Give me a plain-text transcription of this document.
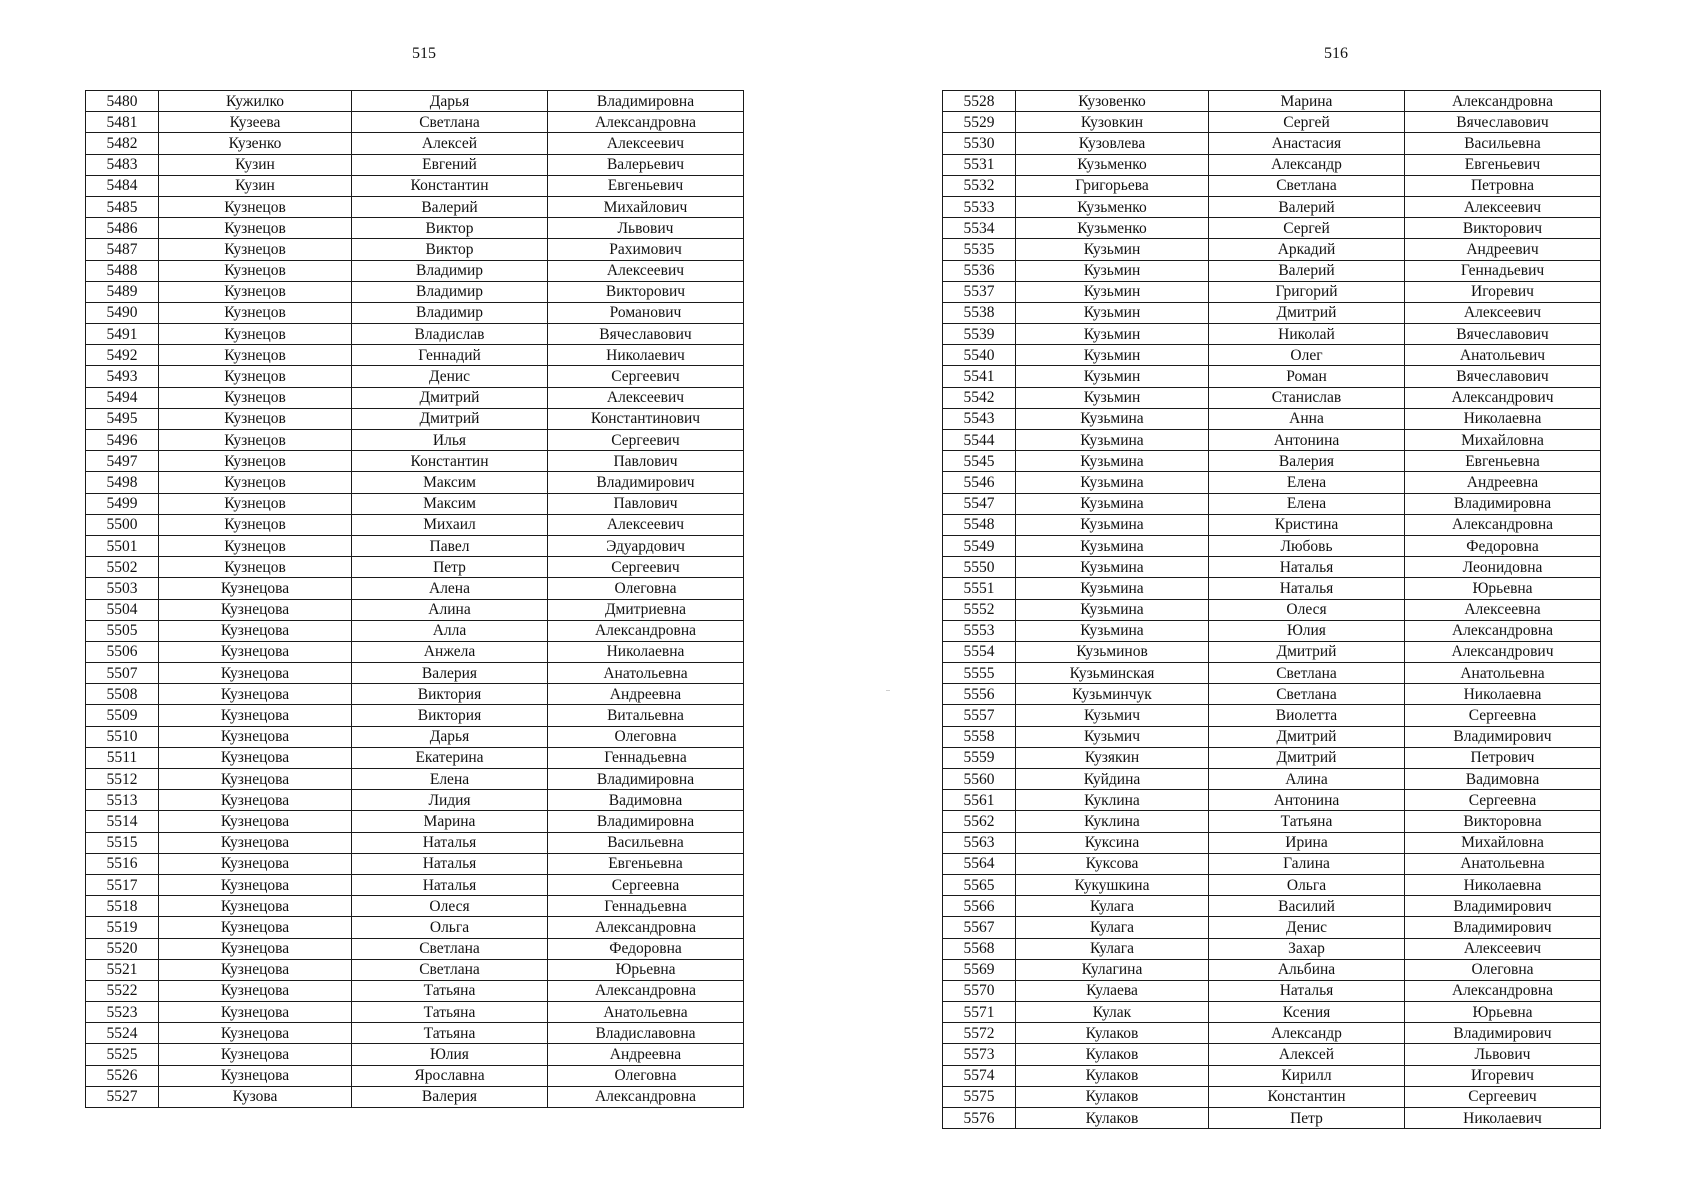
515
5480	Кужилко	Дарья	Владимировна
5481	Кузеева	Светлана	Александровна
5482	Кузенко	Алексей	Алексеевич
5483	Кузин	Евгений	Валерьевич
5484	Кузин	Константин	Евгеньевич
5485	Кузнецов	Валерий	Михайлович
5486	Кузнецов	Виктор	Львович
5487	Кузнецов	Виктор	Рахимович
5488	Кузнецов	Владимир	Алексеевич
5489	Кузнецов	Владимир	Викторович
5490	Кузнецов	Владимир	Романович
5491	Кузнецов	Владислав	Вячеславович
5492	Кузнецов	Геннадий	Николаевич
5493	Кузнецов	Денис	Сергеевич
5494	Кузнецов	Дмитрий	Алексеевич
5495	Кузнецов	Дмитрий	Константинович
5496	Кузнецов	Илья	Сергеевич
5497	Кузнецов	Константин	Павлович
5498	Кузнецов	Максим	Владимирович
5499	Кузнецов	Максим	Павлович
5500	Кузнецов	Михаил	Алексеевич
5501	Кузнецов	Павел	Эдуардович
5502	Кузнецов	Петр	Сергеевич
5503	Кузнецова	Алена	Олеговна
5504	Кузнецова	Алина	Дмитриевна
5505	Кузнецова	Алла	Александровна
5506	Кузнецова	Анжела	Николаевна
5507	Кузнецова	Валерия	Анатольевна
5508	Кузнецова	Виктория	Андреевна
5509	Кузнецова	Виктория	Витальевна
5510	Кузнецова	Дарья	Олеговна
5511	Кузнецова	Екатерина	Геннадьевна
5512	Кузнецова	Елена	Владимировна
5513	Кузнецова	Лидия	Вадимовна
5514	Кузнецова	Марина	Владимировна
5515	Кузнецова	Наталья	Васильевна
5516	Кузнецова	Наталья	Евгеньевна
5517	Кузнецова	Наталья	Сергеевна
5518	Кузнецова	Олеся	Геннадьевна
5519	Кузнецова	Ольга	Александровна
5520	Кузнецова	Светлана	Федоровна
5521	Кузнецова	Светлана	Юрьевна
5522	Кузнецова	Татьяна	Александровна
5523	Кузнецова	Татьяна	Анатольевна
5524	Кузнецова	Татьяна	Владиславовна
5525	Кузнецова	Юлия	Андреевна
5526	Кузнецова	Ярославна	Олеговна
5527	Кузова	Валерия	Александровна
516
5528	Кузовенко	Марина	Александровна
5529	Кузовкин	Сергей	Вячеславович
5530	Кузовлева	Анастасия	Васильевна
5531	Кузьменко	Александр	Евгеньевич
5532	Григорьева	Светлана	Петровна
5533	Кузьменко	Валерий	Алексеевич
5534	Кузьменко	Сергей	Викторович
5535	Кузьмин	Аркадий	Андреевич
5536	Кузьмин	Валерий	Геннадьевич
5537	Кузьмин	Григорий	Игоревич
5538	Кузьмин	Дмитрий	Алексеевич
5539	Кузьмин	Николай	Вячеславович
5540	Кузьмин	Олег	Анатольевич
5541	Кузьмин	Роман	Вячеславович
5542	Кузьмин	Станислав	Александрович
5543	Кузьмина	Анна	Николаевна
5544	Кузьмина	Антонина	Михайловна
5545	Кузьмина	Валерия	Евгеньевна
5546	Кузьмина	Елена	Андреевна
5547	Кузьмина	Елена	Владимировна
5548	Кузьмина	Кристина	Александровна
5549	Кузьмина	Любовь	Федоровна
5550	Кузьмина	Наталья	Леонидовна
5551	Кузьмина	Наталья	Юрьевна
5552	Кузьмина	Олеся	Алексеевна
5553	Кузьмина	Юлия	Александровна
5554	Кузьминов	Дмитрий	Александрович
5555	Кузьминская	Светлана	Анатольевна
5556	Кузьминчук	Светлана	Николаевна
5557	Кузьмич	Виолетта	Сергеевна
5558	Кузьмич	Дмитрий	Владимирович
5559	Кузякин	Дмитрий	Петрович
5560	Куйдина	Алина	Вадимовна
5561	Куклина	Антонина	Сергеевна
5562	Куклина	Татьяна	Викторовна
5563	Куксина	Ирина	Михайловна
5564	Куксова	Галина	Анатольевна
5565	Кукушкина	Ольга	Николаевна
5566	Кулага	Василий	Владимирович
5567	Кулага	Денис	Владимирович
5568	Кулага	Захар	Алексеевич
5569	Кулагина	Альбина	Олеговна
5570	Кулаева	Наталья	Александровна
5571	Кулак	Ксения	Юрьевна
5572	Кулаков	Александр	Владимирович
5573	Кулаков	Алексей	Львович
5574	Кулаков	Кирилл	Игоревич
5575	Кулаков	Константин	Сергеевич
5576	Кулаков	Петр	Николаевич
